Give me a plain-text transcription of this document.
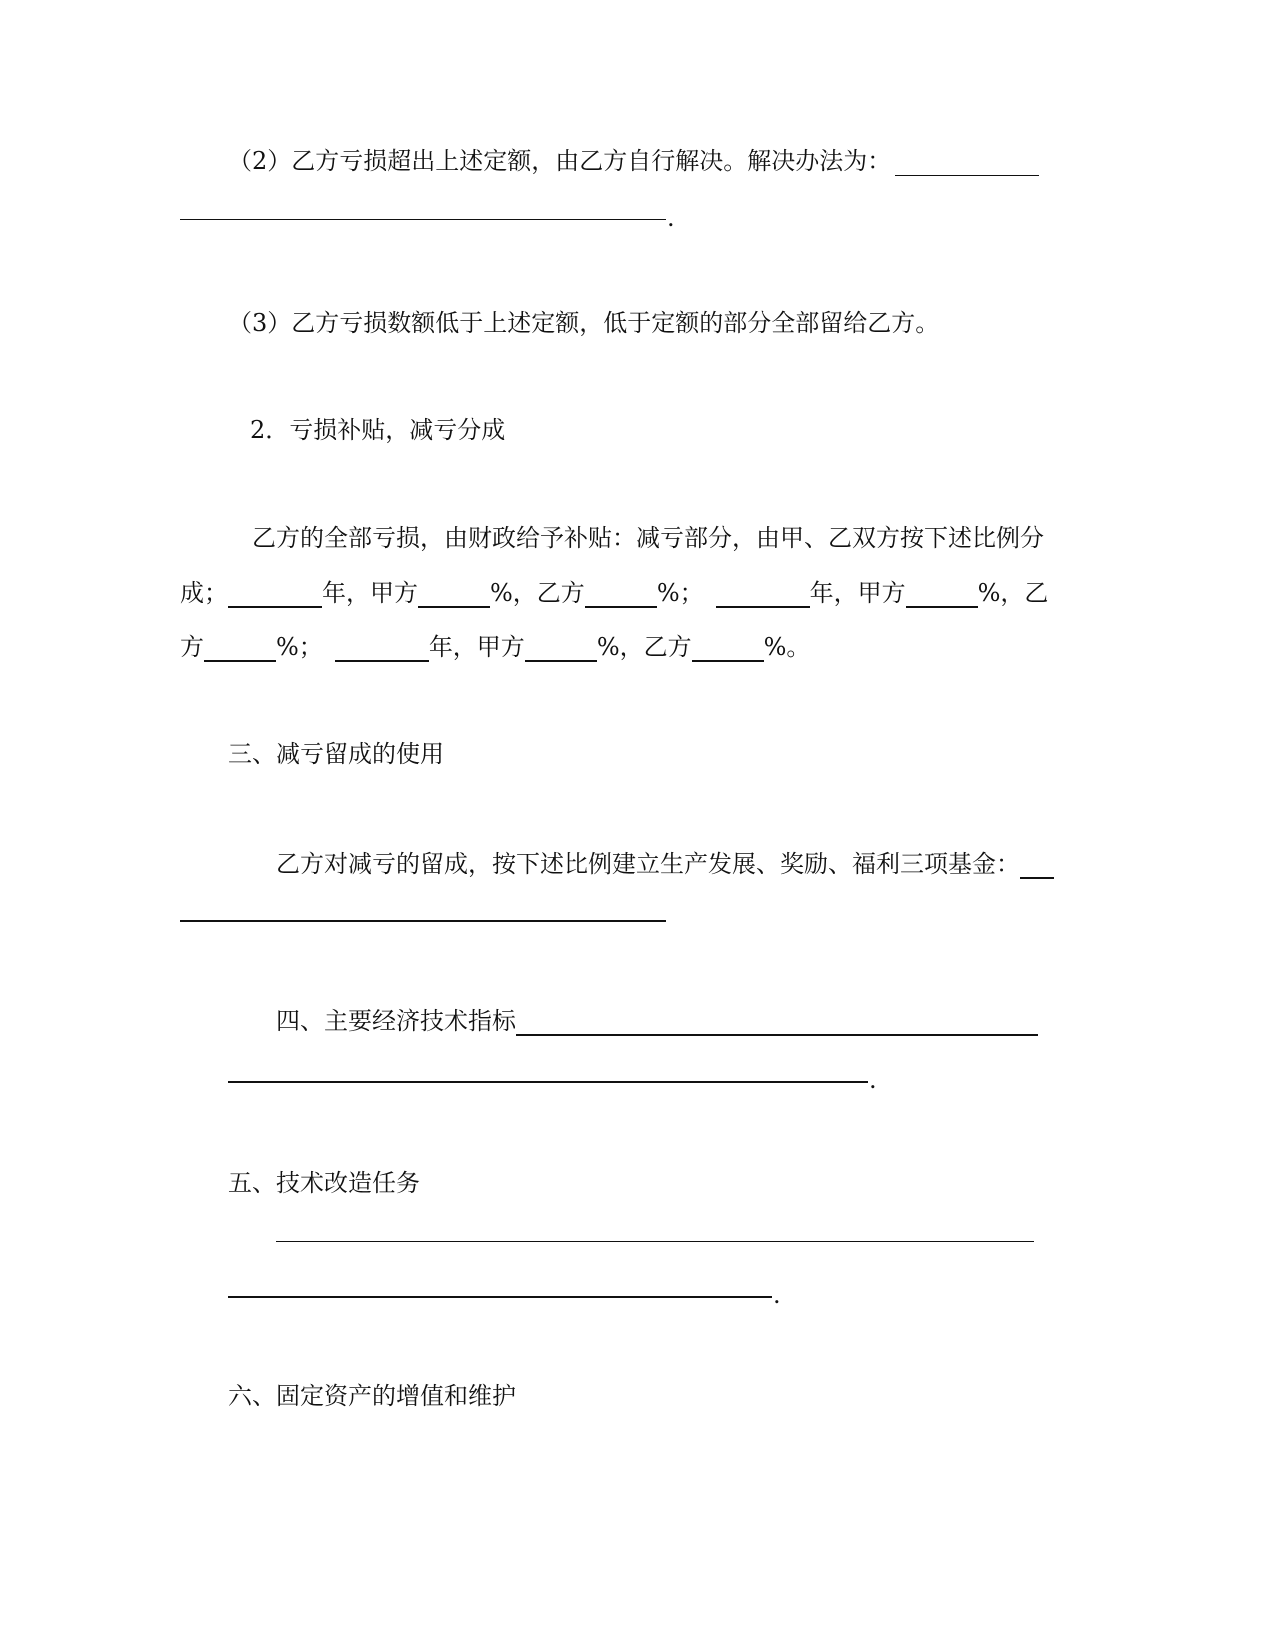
（2）乙方亏损超出上述定额，由乙方自行解决。解决办法为：
.
（3）乙方亏损数额低于上述定额，低于定额的部分全部留给乙方。
2．亏损补贴，减亏分成
乙方的全部亏损，由财政给予补贴：减亏部分，由甲、乙双方按下述比例分
成；	年，甲方	%，乙方	%；	年，甲方	%，乙
方	%；	年，甲方	%，乙方	%。
三、减亏留成的使用
乙方对减亏的留成，按下述比例建立生产发展、奖励、福利三项基金：
四、主要经济技术指标
.
五、技术改造任务
.
六、固定资产的增值和维护
